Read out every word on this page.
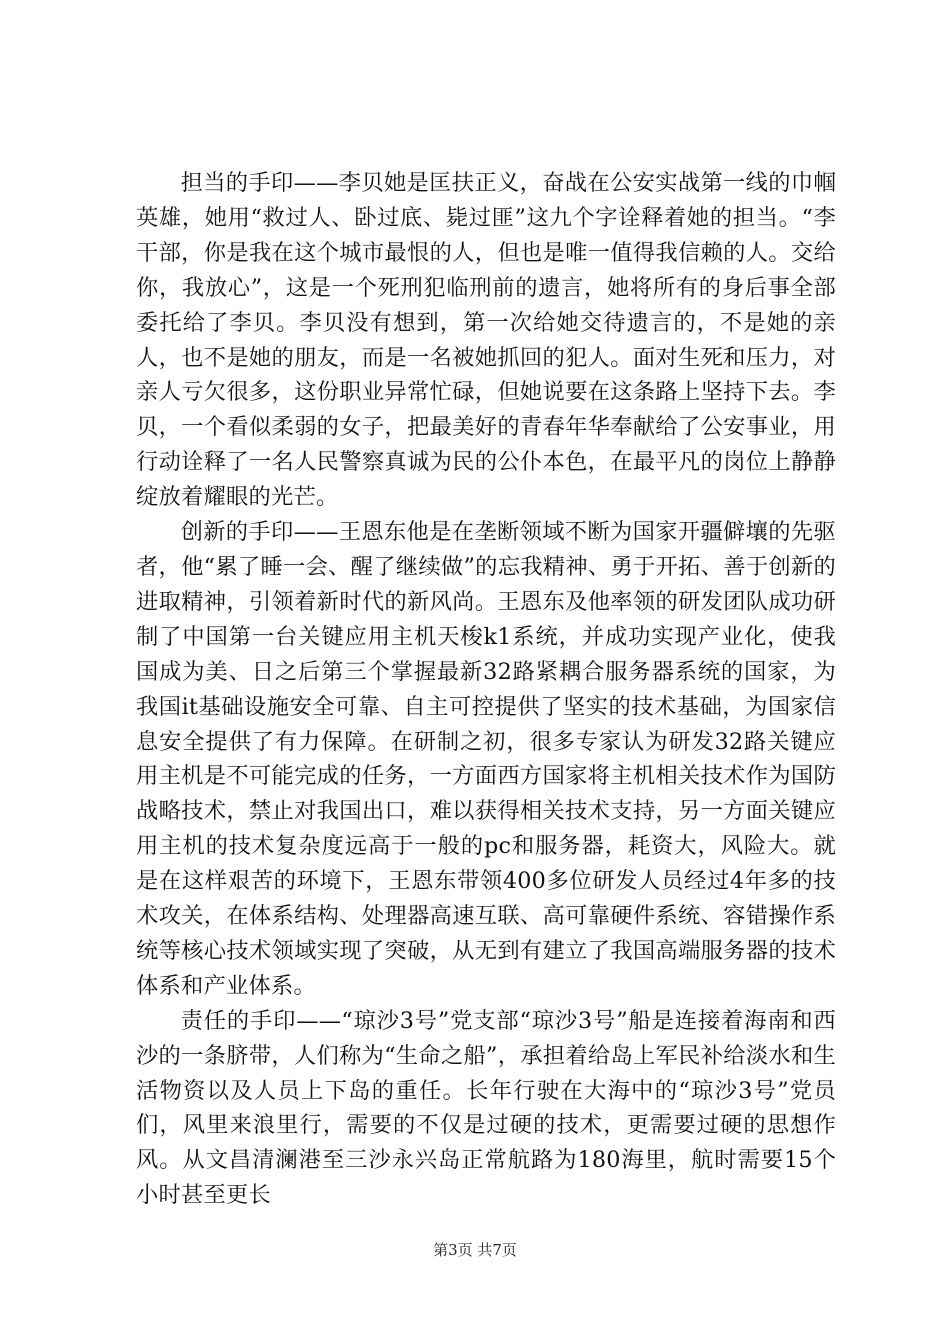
担当的手印——李贝她是匡扶正义，奋战在公安实战第一线的巾帼英雄，她用“救过人、卧过底、毙过匪”这九个字诠释着她的担当。“李干部，你是我在这个城市最恨的人，但也是唯一值得我信赖的人。交给你，我放心”，这是一个死刑犯临刑前的遗言，她将所有的身后事全部委托给了李贝。李贝没有想到，第一次给她交待遗言的，不是她的亲人，也不是她的朋友，而是一名被她抓回的犯人。面对生死和压力，对亲人亏欠很多，这份职业异常忙碌，但她说要在这条路上坚持下去。李贝，一个看似柔弱的女子，把最美好的青春年华奉献给了公安事业，用行动诠释了一名人民警察真诚为民的公仆本色，在最平凡的岗位上静静绽放着耀眼的光芒。

创新的手印——王恩东他是在垄断领域不断为国家开疆僻壤的先驱者，他“累了睡一会、醒了继续做”的忘我精神、勇于开拓、善于创新的进取精神，引领着新时代的新风尚。王恩东及他率领的研发团队成功研制了中国第一台关键应用主机天梭k1系统，并成功实现产业化，使我国成为美、日之后第三个掌握最新32路紧耦合服务器系统的国家，为我国it基础设施安全可靠、自主可控提供了坚实的技术基础，为国家信息安全提供了有力保障。在研制之初，很多专家认为研发32路关键应用主机是不可能完成的任务，一方面西方国家将主机相关技术作为国防战略技术，禁止对我国出口，难以获得相关技术支持，另一方面关键应用主机的技术复杂度远高于一般的pc和服务器，耗资大，风险大。就是在这样艰苦的环境下，王恩东带领400多位研发人员经过4年多的技术攻关，在体系结构、处理器高速互联、高可靠硬件系统、容错操作系统等核心技术领域实现了突破，从无到有建立了我国高端服务器的技术体系和产业体系。

责任的手印——“琼沙3号”党支部“琼沙3号”船是连接着海南和西沙的一条脐带，人们称为“生命之船”，承担着给岛上军民补给淡水和生活物资以及人员上下岛的重任。长年行驶在大海中的“琼沙3号”党员们，风里来浪里行，需要的不仅是过硬的技术，更需要过硬的思想作风。从文昌清澜港至三沙永兴岛正常航路为180海里，航时需要15个小时甚至更长

第3页 共7页
